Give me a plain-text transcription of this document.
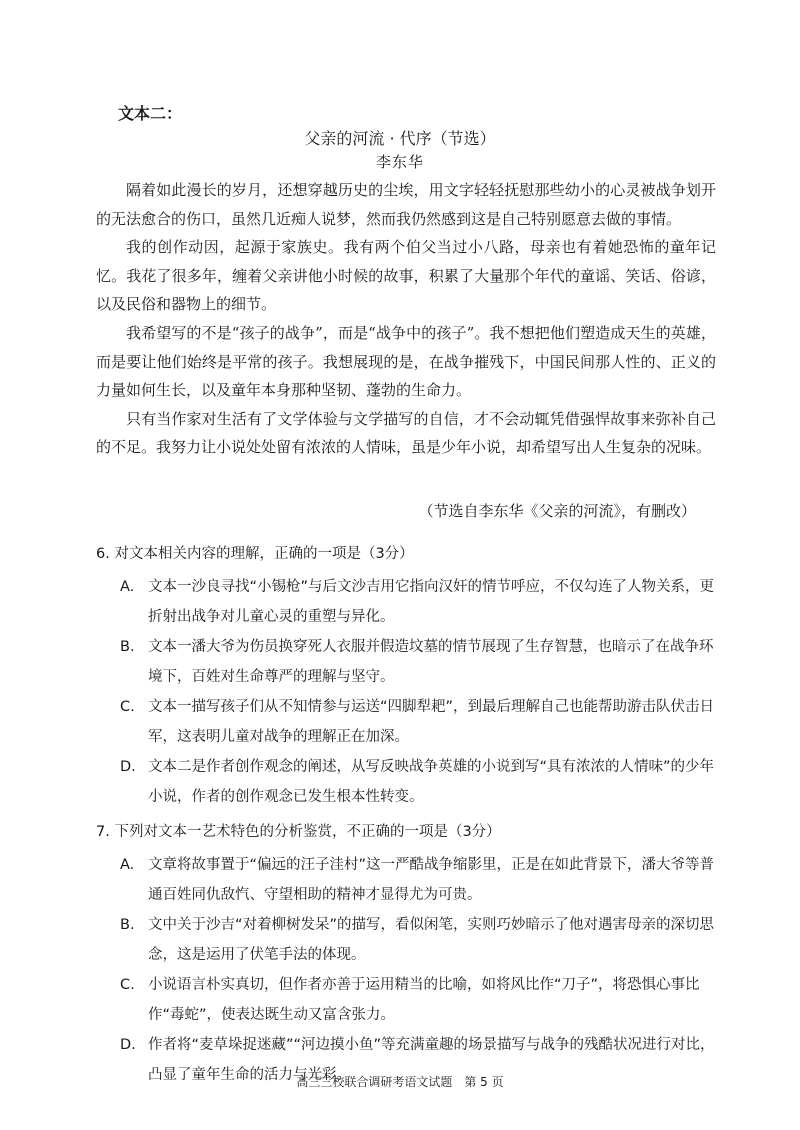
文本二：
父亲的河流 · 代序（节选）
李东华

隔着如此漫长的岁月，还想穿越历史的尘埃，用文字轻轻抚慰那些幼小的心灵被战争划开的无法愈合的伤口，虽然几近痴人说梦，然而我仍然感到这是自己特别愿意去做的事情。

我的创作动因，起源于家族史。我有两个伯父当过小八路，母亲也有着她恐怖的童年记忆。我花了很多年，缠着父亲讲他小时候的故事，积累了大量那个年代的童谣、笑话、俗谚，以及民俗和器物上的细节。

我希望写的不是“孩子的战争”，而是“战争中的孩子”。我不想把他们塑造成天生的英雄，而是要让他们始终是平常的孩子。我想展现的是，在战争摧残下，中国民间那人性的、正义的力量如何生长，以及童年本身那种坚韧、蓬勃的生命力。

只有当作家对生活有了文学体验与文学描写的自信，才不会动辄凭借强悍故事来弥补自己的不足。我努力让小说处处留有浓浓的人情味，虽是少年小说，却希望写出人生复杂的况味。

（节选自李东华《父亲的河流》，有删改）
6. 对文本相关内容的理解，正确的一项是（3分）
A. 文本一沙良寻找“小锡枪”与后文沙吉用它指向汉奸的情节呼应，不仅勾连了人物关系，更折射出战争对儿童心灵的重塑与异化。
B. 文本一潘大爷为伤员换穿死人衣服并假造坟墓的情节展现了生存智慧，也暗示了在战争环境下，百姓对生命尊严的理解与坚守。
C. 文本一描写孩子们从不知情参与运送“四脚犁耙”，到最后理解自己也能帮助游击队伏击日军，这表明儿童对战争的理解正在加深。
D. 文本二是作者创作观念的阐述，从写反映战争英雄的小说到写“具有浓浓的人情味”的少年小说，作者的创作观念已发生根本性转变。
7. 下列对文本一艺术特色的分析鉴赏，不正确的一项是（3分）
A. 文章将故事置于“偏远的汪子洼村”这一严酷战争缩影里，正是在如此背景下，潘大爷等普通百姓同仇敌忾、守望相助的精神才显得尤为可贵。
B. 文中关于沙吉“对着柳树发呆”的描写，看似闲笔，实则巧妙暗示了他对遇害母亲的深切思念，这是运用了伏笔手法的体现。
C. 小说语言朴实真切，但作者亦善于运用精当的比喻，如将风比作“刀子”，将恐惧心事比作“毒蛇”，使表达既生动又富含张力。
D. 作者将“麦草垛捉迷藏”“河边摸小鱼”等充满童趣的场景描写与战争的残酷状况进行对比，凸显了童年生命的活力与光彩。
高三三校联合调研考语文试题　第 5 页
